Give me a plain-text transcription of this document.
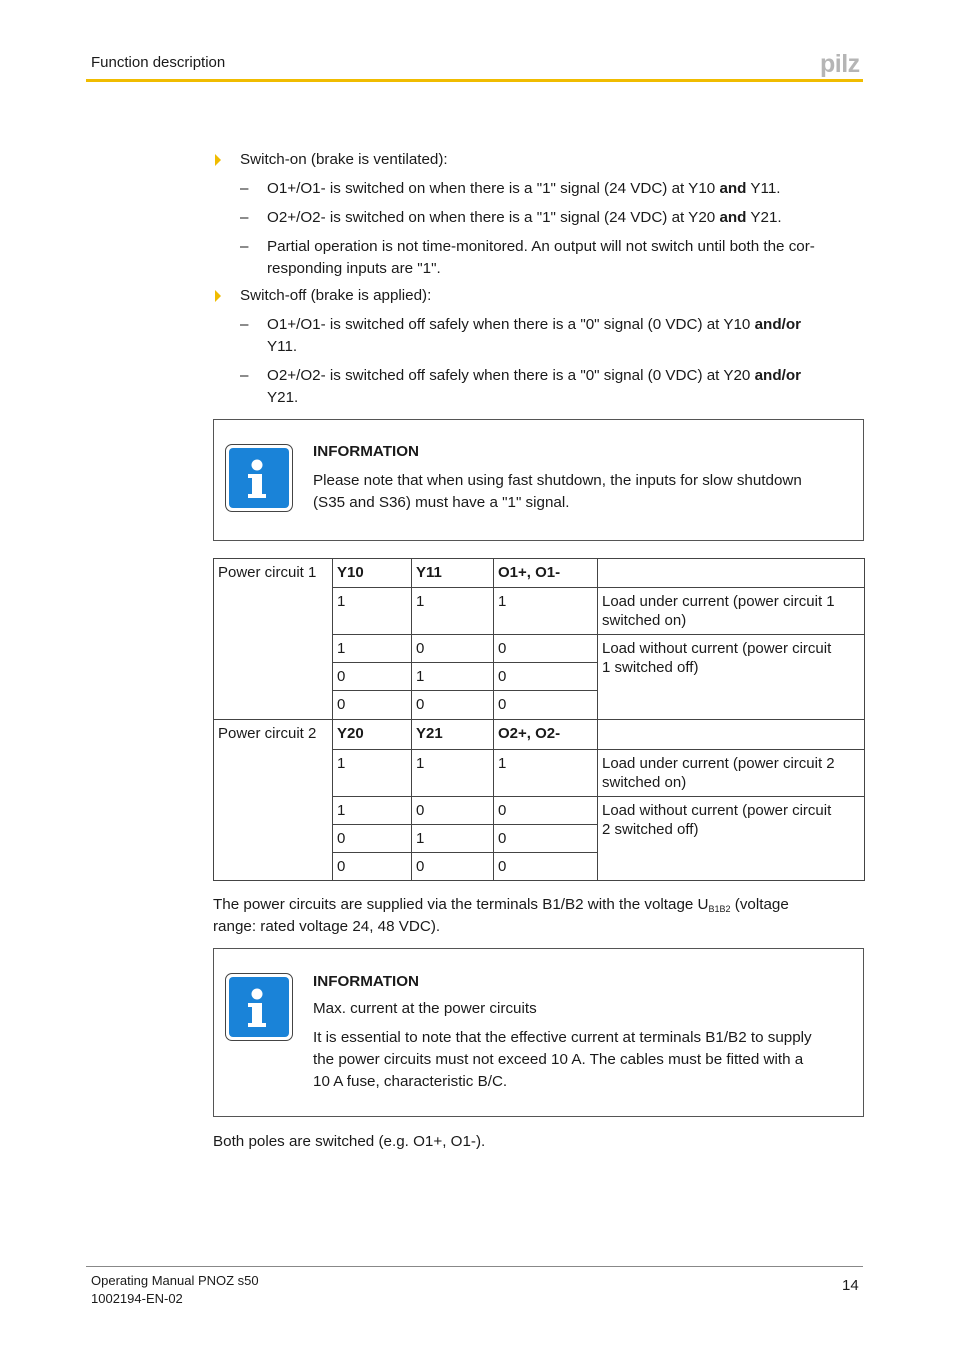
Function description	pilz
Switch-on (brake is ventilated):
– O1+/O1- is switched on when there is a "1" signal (24 VDC) at Y10 and Y11.
– O2+/O2- is switched on when there is a "1" signal (24 VDC) at Y20 and Y21.
– Partial operation is not time-monitored. An output will not switch until both the cor-
responding inputs are "1".
Switch-off (brake is applied):
– O1+/O1- is switched off safely when there is a "0" signal (0 VDC) at Y10 and/or
Y11.
– O2+/O2- is switched off safely when there is a "0" signal (0 VDC) at Y20 and/or
Y21.
INFORMATION
Please note that when using fast shutdown, the inputs for slow shutdown
(S35 and S36) must have a "1" signal.
Power circuit 1	Y10	Y11	O1+, O1-	
	1	1	1	Load under current (power circuit 1
switched on)
	1	0	0	Load without current (power circuit
1 switched off)
	0	1	0	
	0	0	0	
Power circuit 2	Y20	Y21	O2+, O2-	
	1	1	1	Load under current (power circuit 2
switched on)
	1	0	0	Load without current (power circuit
2 switched off)
	0	1	0	
	0	0	0	
The power circuits are supplied via the terminals B1/B2 with the voltage $U_{B1B2}$ (voltage
range: rated voltage 24, 48 VDC).
INFORMATION
Max. current at the power circuits
It is essential to note that the effective current at terminals B1/B2 to supply
the power circuits must not exceed 10 A. The cables must be fitted with a
10 A fuse, characteristic B/C.
Both poles are switched (e.g. O1+, O1-).
Operating Manual PNOZ s50
1002194-EN-02
14
